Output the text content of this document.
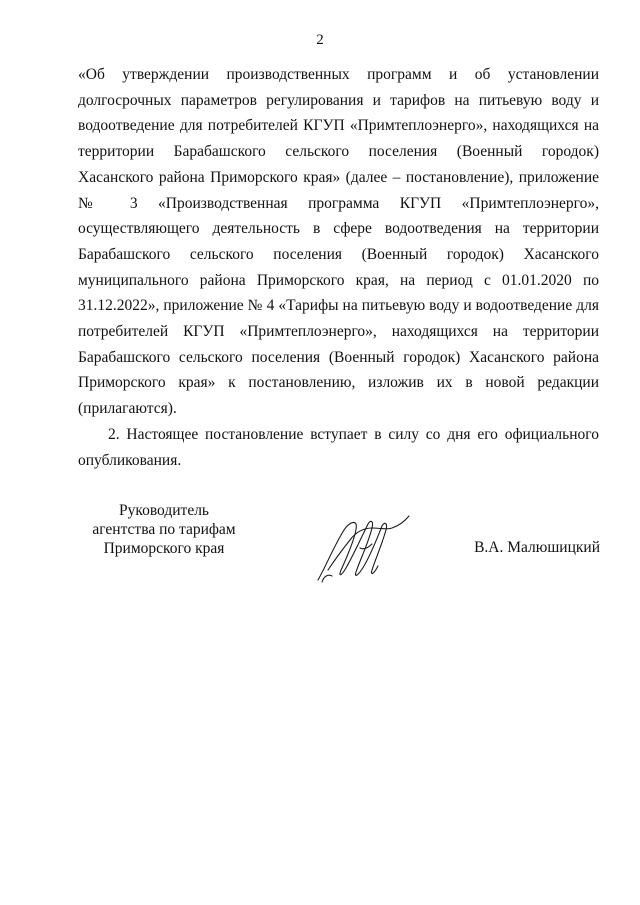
2

«Об утверждении производственных программ и об установлении долгосрочных параметров регулирования и тарифов на питьевую воду и водоотведение для потребителей КГУП «Примтеплоэнерго», находящихся на территории Барабашского сельского поселения (Военный городок) Хасанского района Приморского края» (далее – постановление), приложение № 3 «Производственная программа КГУП «Примтеплоэнерго», осуществляющего деятельность в сфере водоотведения на территории Барабашского сельского поселения (Военный городок) Хасанского муниципального района Приморского края, на период с 01.01.2020 по 31.12.2022», приложение № 4 «Тарифы на питьевую воду и водоотведение для потребителей КГУП «Примтеплоэнерго», находящихся на территории Барабашского сельского поселения (Военный городок) Хасанского района Приморского края» к постановлению, изложив их в новой редакции (прилагаются).

2. Настоящее постановление вступает в силу со дня его официального опубликования.

Руководитель
агентства по тарифам
Приморского края	В.А. Малюшицкий
